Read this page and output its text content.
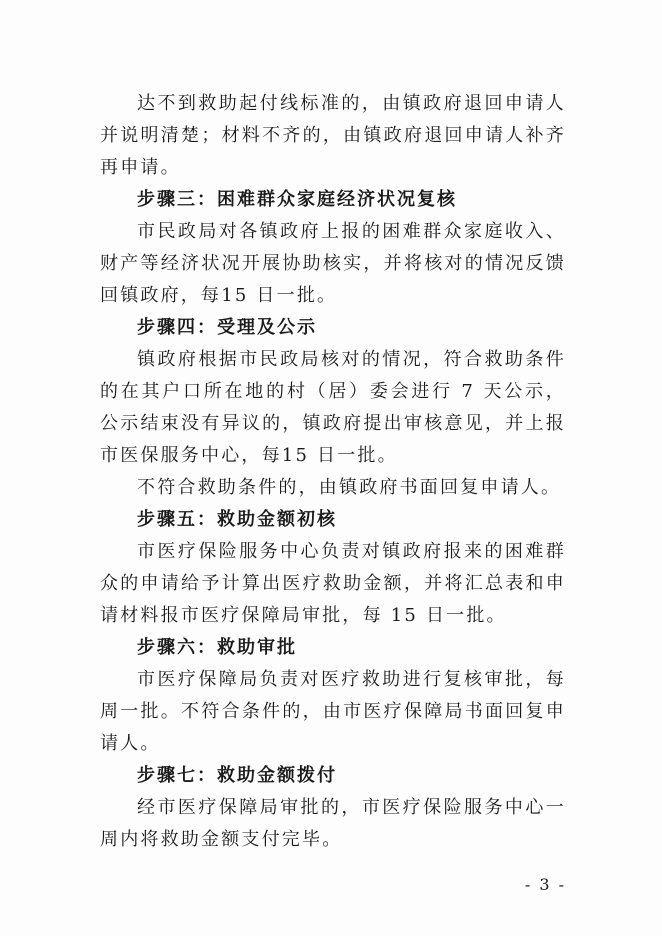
达不到救助起付线标准的，由镇政府退回申请人并说明清楚；材料不齐的，由镇政府退回申请人补齐再申请。

步骤三：困难群众家庭经济状况复核

市民政局对各镇政府上报的困难群众家庭收入、财产等经济状况开展协助核实，并将核对的情况反馈回镇政府，每15 日一批。

步骤四：受理及公示

镇政府根据市民政局核对的情况，符合救助条件的在其户口所在地的村（居）委会进行 7 天公示，公示结束没有异议的，镇政府提出审核意见，并上报市医保服务中心，每15 日一批。

不符合救助条件的，由镇政府书面回复申请人。

步骤五：救助金额初核

市医疗保险服务中心负责对镇政府报来的困难群众的申请给予计算出医疗救助金额，并将汇总表和申请材料报市医疗保障局审批，每 15 日一批。

步骤六：救助审批

市医疗保障局负责对医疗救助进行复核审批，每周一批。不符合条件的，由市医疗保障局书面回复申请人。

步骤七：救助金额拨付

经市医疗保障局审批的，市医疗保险服务中心一周内将救助金额支付完毕。

- 3 -
